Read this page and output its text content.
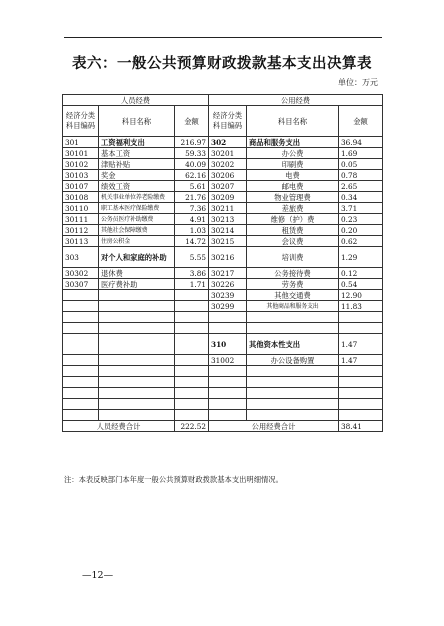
表六：一般公共预算财政拨款基本支出决算表
单位：万元
人员经费			公用经费		
经济分类科目编码	科目名称	金额	经济分类科目编码	科目名称	金额
301	工资福利支出	216.97	302	商品和服务支出	36.94
30101	基本工资	59.33	30201	办公费	1.69
30102	津贴补贴	40.09	30202	印刷费	0.05
30103	奖金	62.16	30206	电费	0.78
30107	绩效工资	5.61	30207	邮电费	2.65
30108	机关事业单位养老险缴费	21.76	30209	物业管理费	0.34
30110	职工基本医疗保险缴费	7.36	30211	差旅费	3.71
30111	公务员医疗补助缴费	4.91	30213	维修（护）费	0.23
30112	其他社会保障缴费	1.03	30214	租赁费	0.20
30113	住房公积金	14.72	30215	会议费	0.62
303	对个人和家庭的补助	5.55	30216	培训费	1.29
30302	退休费	3.86	30217	公务接待费	0.12
30307	医疗费补助	1.71	30226	劳务费	0.54
			30239	其他交通费	12.90
			30299	其他商品和服务支出	11.83

			310	其他资本性支出	1.47
			31002	办公设备购置	1.47

人员经费合计		222.52	公用经费合计		38.41
注：本表反映部门本年度一般公共预算财政拨款基本支出明细情况。
—12—
